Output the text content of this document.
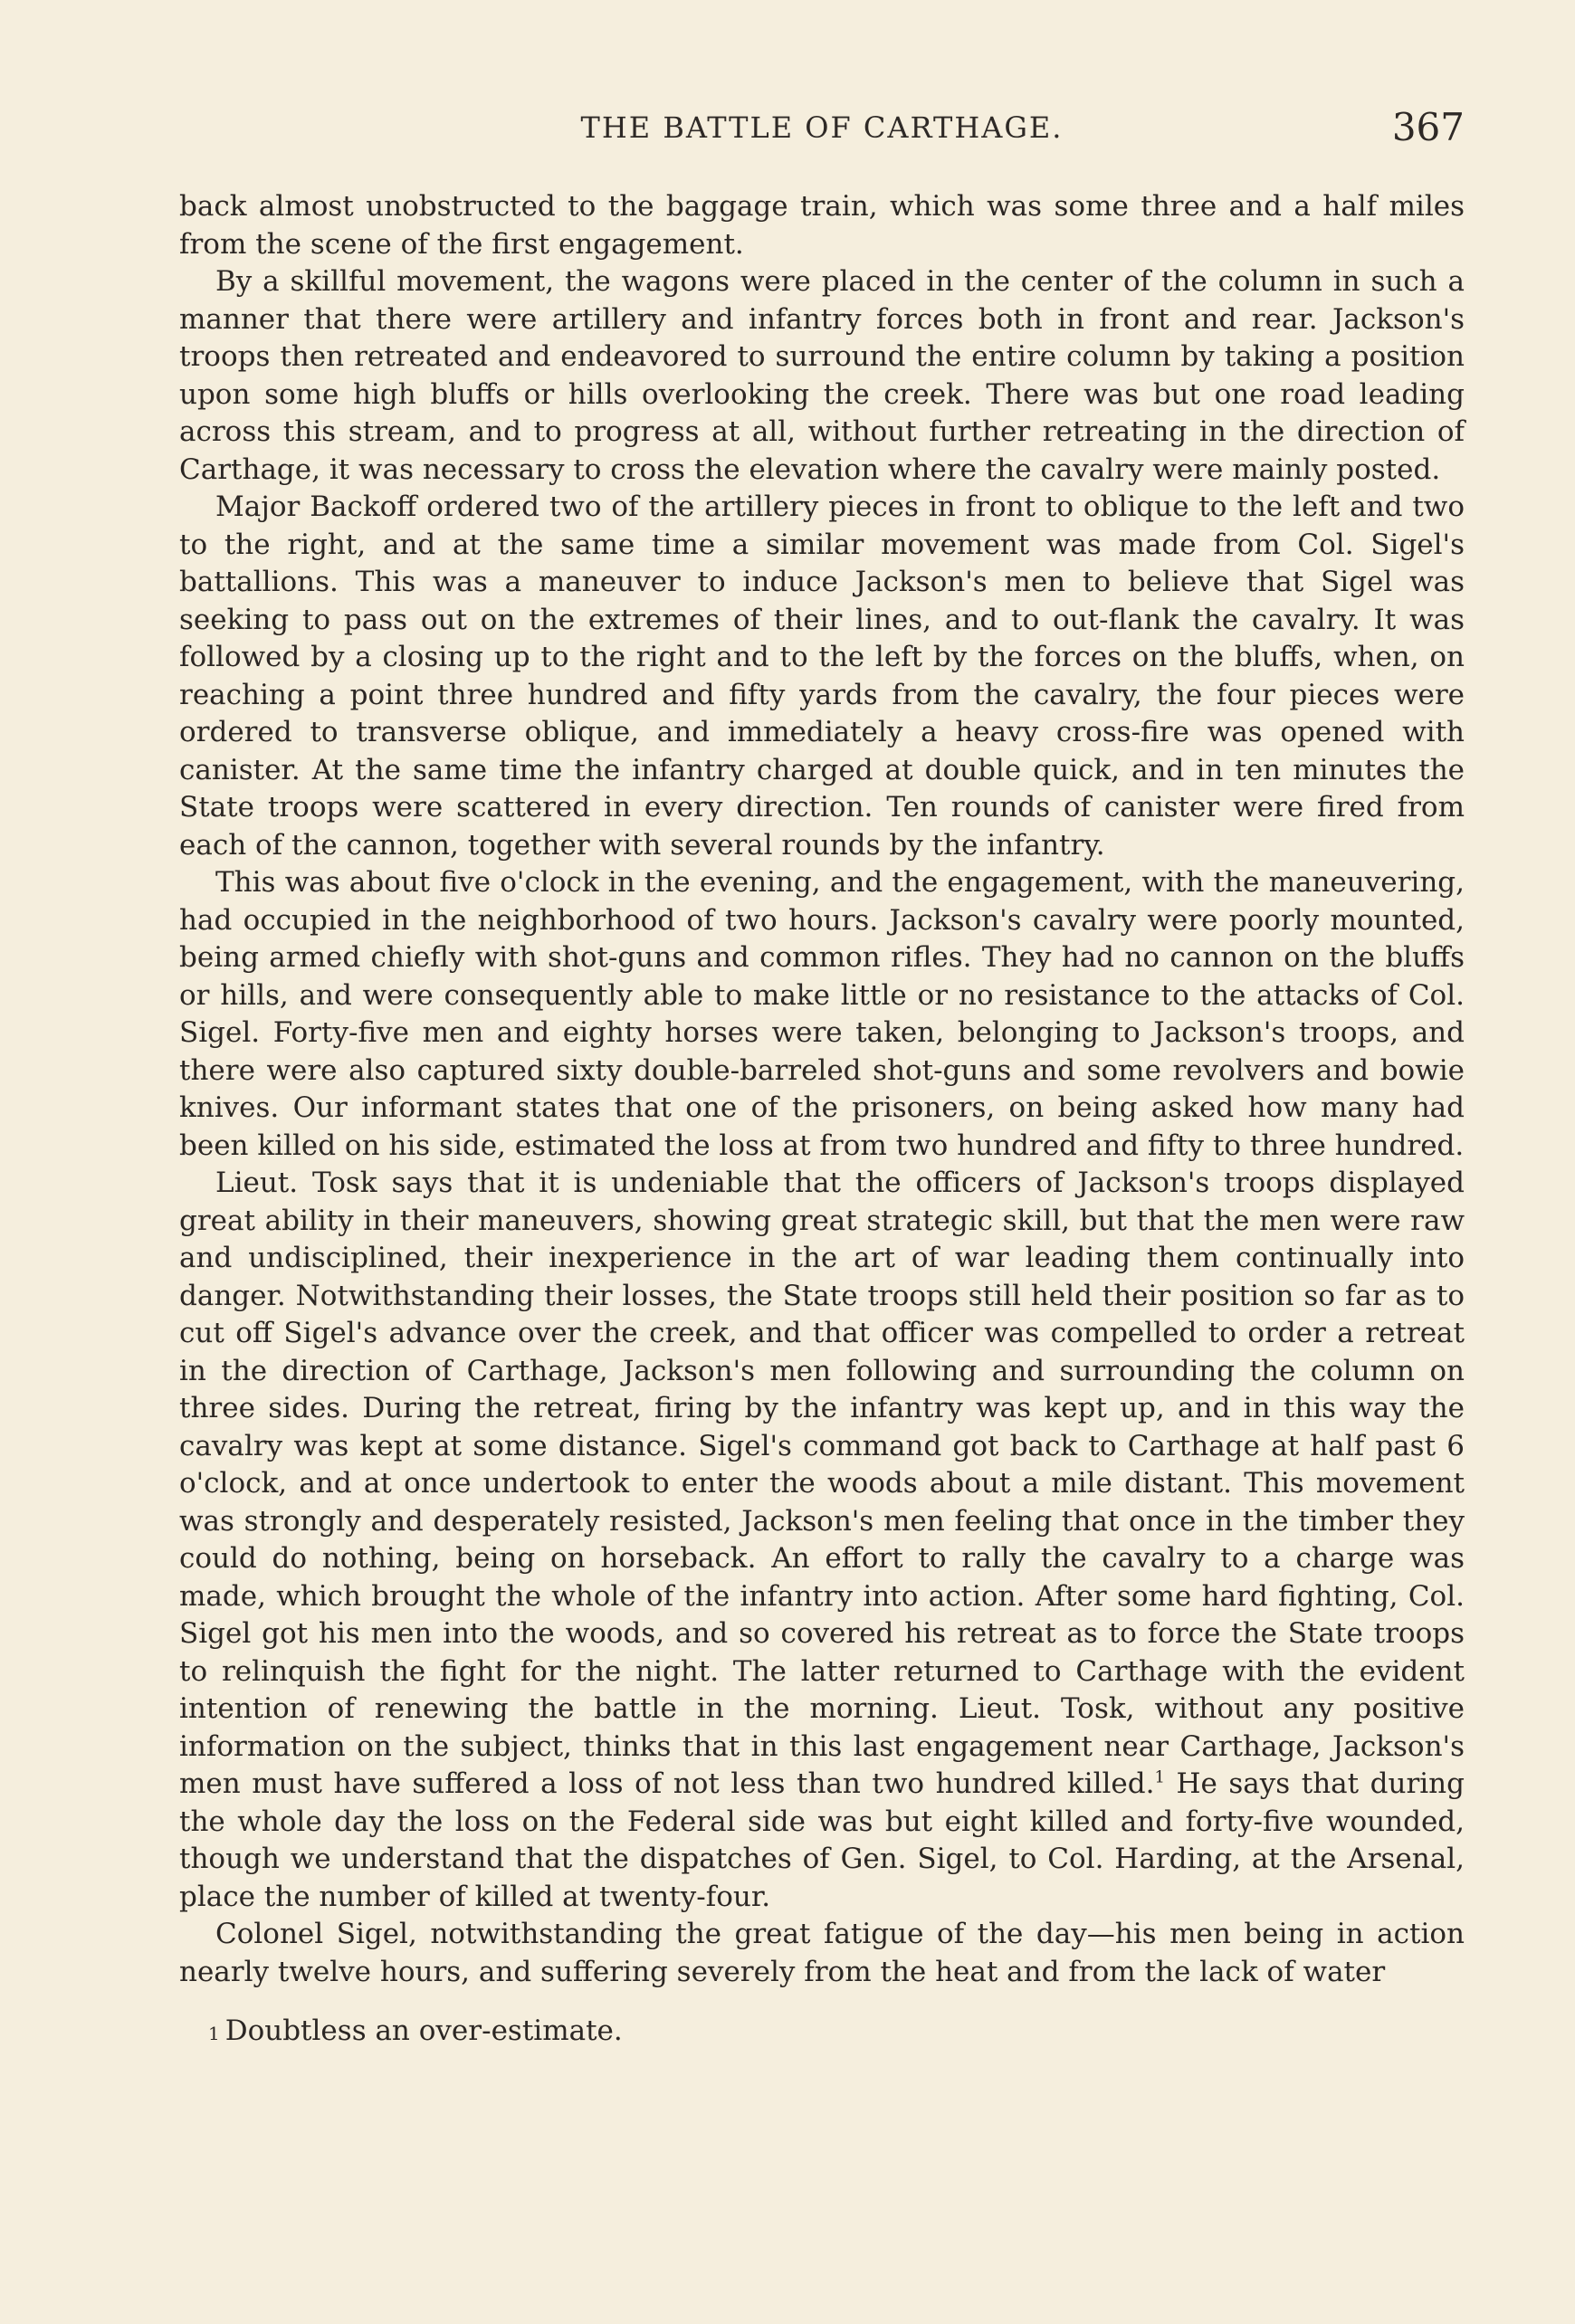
THE BATTLE OF CARTHAGE.	367

back almost unobstructed to the baggage train, which was some three and a half miles from the scene of the first engagement.

By a skillful movement, the wagons were placed in the center of the column in such a manner that there were artillery and infantry forces both in front and rear. Jackson's troops then retreated and endeavored to surround the entire column by taking a position upon some high bluffs or hills overlooking the creek. There was but one road leading across this stream, and to progress at all, without further retreating in the direction of Carthage, it was necessary to cross the elevation where the cavalry were mainly posted.

Major Backoff ordered two of the artillery pieces in front to oblique to the left and two to the right, and at the same time a similar movement was made from Col. Sigel's battallions. This was a maneuver to induce Jackson's men to believe that Sigel was seeking to pass out on the extremes of their lines, and to out-flank the cavalry. It was followed by a closing up to the right and to the left by the forces on the bluffs, when, on reaching a point three hundred and fifty yards from the cavalry, the four pieces were ordered to transverse oblique, and immediately a heavy cross-fire was opened with canister. At the same time the infantry charged at double quick, and in ten minutes the State troops were scattered in every direction. Ten rounds of canister were fired from each of the cannon, together with several rounds by the infantry.

This was about five o'clock in the evening, and the engagement, with the maneuvering, had occupied in the neighborhood of two hours. Jackson's cavalry were poorly mounted, being armed chiefly with shot-guns and common rifles. They had no cannon on the bluffs or hills, and were consequently able to make little or no resistance to the attacks of Col. Sigel. Forty-five men and eighty horses were taken, belonging to Jackson's troops, and there were also captured sixty double-barreled shot-guns and some revolvers and bowie knives. Our informant states that one of the prisoners, on being asked how many had been killed on his side, estimated the loss at from two hundred and fifty to three hundred.

Lieut. Tosk says that it is undeniable that the officers of Jackson's troops displayed great ability in their maneuvers, showing great strategic skill, but that the men were raw and undisciplined, their inexperience in the art of war leading them continually into danger. Notwithstanding their losses, the State troops still held their position so far as to cut off Sigel's advance over the creek, and that officer was compelled to order a retreat in the direction of Carthage, Jackson's men following and surrounding the column on three sides. During the retreat, firing by the infantry was kept up, and in this way the cavalry was kept at some distance. Sigel's command got back to Carthage at half past 6 o'clock, and at once undertook to enter the woods about a mile distant. This movement was strongly and desperately resisted, Jackson's men feeling that once in the timber they could do nothing, being on horseback. An effort to rally the cavalry to a charge was made, which brought the whole of the infantry into action. After some hard fighting, Col. Sigel got his men into the woods, and so covered his retreat as to force the State troops to relinquish the fight for the night. The latter returned to Carthage with the evident intention of renewing the battle in the morning. Lieut. Tosk, without any positive information on the subject, thinks that in this last engagement near Carthage, Jackson's men must have suffered a loss of not less than two hundred killed.$^1$ He says that during the whole day the loss on the Federal side was but eight killed and forty-five wounded, though we understand that the dispatches of Gen. Sigel, to Col. Harding, at the Arsenal, place the number of killed at twenty-four.

Colonel Sigel, notwithstanding the great fatigue of the day—his men being in action nearly twelve hours, and suffering severely from the heat and from the lack of water

1 Doubtless an over-estimate.
